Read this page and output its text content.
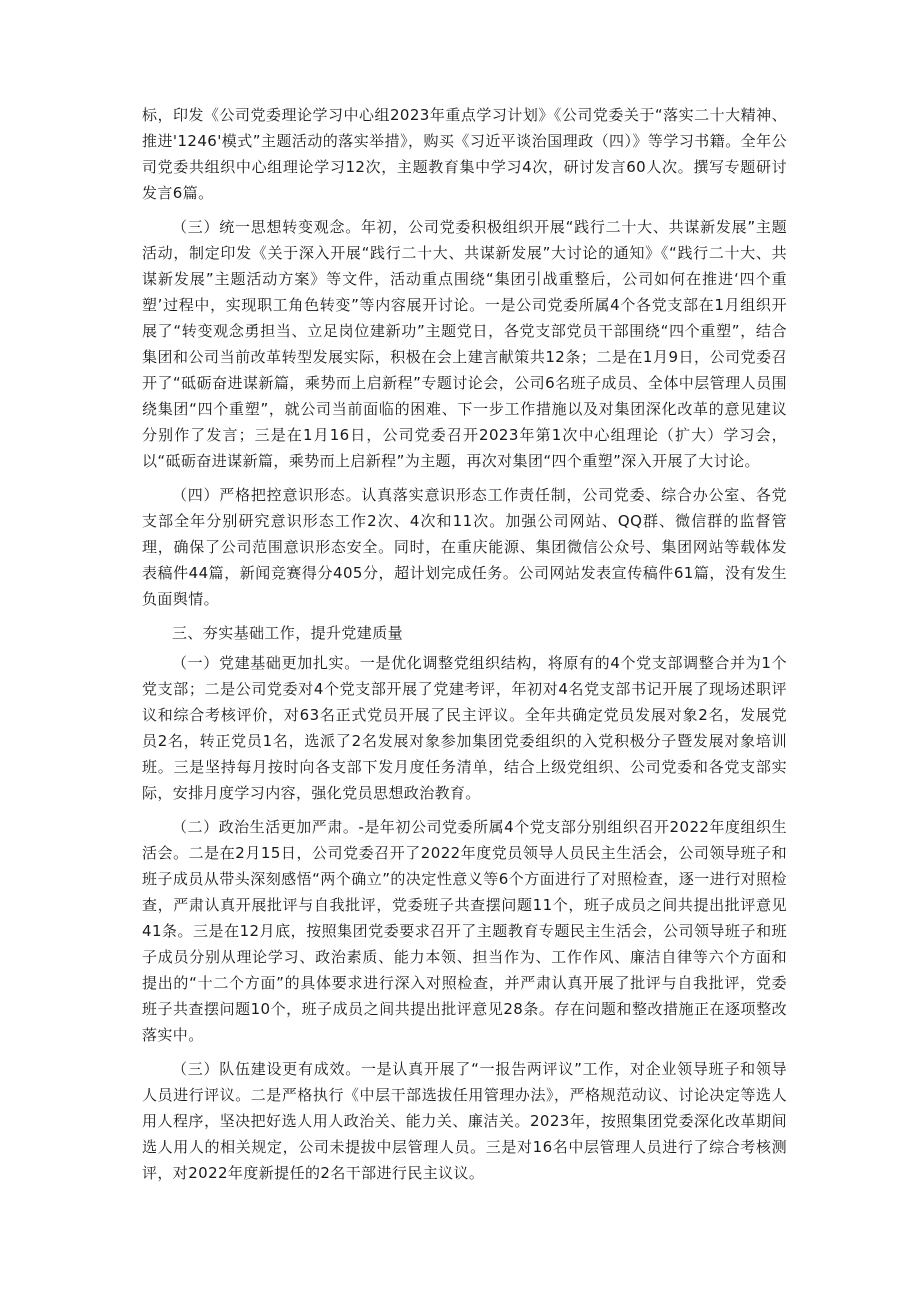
标，印发《公司党委理论学习中心组2023年重点学习计划》《公司党委关于“落实二十大精神、推进'1246'模式”主题活动的落实举措》，购买《习近平谈治国理政（四）》等学习书籍。全年公司党委共组织中心组理论学习12次，主题教育集中学习4次，研讨发言60人次。撰写专题研讨发言6篇。

（三）统一思想转变观念。年初，公司党委积极组织开展“践行二十大、共谋新发展”主题活动，制定印发《关于深入开展“践行二十大、共谋新发展”大讨论的通知》《“践行二十大、共谋新发展”主题活动方案》等文件，活动重点围绕“集团引战重整后，公司如何在推进‘四个重塑’过程中，实现职工角色转变”等内容展开讨论。一是公司党委所属4个各党支部在1月组织开展了“转变观念勇担当、立足岗位建新功”主题党日，各党支部党员干部围绕“四个重塑”，结合集团和公司当前改革转型发展实际，积极在会上建言献策共12条；二是在1月9日，公司党委召开了“砥砺奋进谋新篇，乘势而上启新程”专题讨论会，公司6名班子成员、全体中层管理人员围绕集团“四个重塑”，就公司当前面临的困难、下一步工作措施以及对集团深化改革的意见建议分别作了发言；三是在1月16日，公司党委召开2023年第1次中心组理论（扩大）学习会，以“砥砺奋进谋新篇，乘势而上启新程”为主题，再次对集团“四个重塑”深入开展了大讨论。

（四）严格把控意识形态。认真落实意识形态工作责任制，公司党委、综合办公室、各党支部全年分别研究意识形态工作2次、4次和11次。加强公司网站、QQ群、微信群的监督管理，确保了公司范围意识形态安全。同时，在重庆能源、集团微信公众号、集团网站等载体发表稿件44篇，新闻竞赛得分405分，超计划完成任务。公司网站发表宣传稿件61篇，没有发生负面舆情。

三、夯实基础工作，提升党建质量

（一）党建基础更加扎实。一是优化调整党组织结构，将原有的4个党支部调整合并为1个党支部；二是公司党委对4个党支部开展了党建考评，年初对4名党支部书记开展了现场述职评议和综合考核评价，对63名正式党员开展了民主评议。全年共确定党员发展对象2名，发展党员2名，转正党员1名，选派了2名发展对象参加集团党委组织的入党积极分子暨发展对象培训班。三是坚持每月按时向各支部下发月度任务清单，结合上级党组织、公司党委和各党支部实际，安排月度学习内容，强化党员思想政治教育。

（二）政治生活更加严肃。-是年初公司党委所属4个党支部分别组织召开2022年度组织生活会。二是在2月15日，公司党委召开了2022年度党员领导人员民主生活会，公司领导班子和班子成员从带头深刻感悟“两个确立”的决定性意义等6个方面进行了对照检查，逐一进行对照检查，严肃认真开展批评与自我批评，党委班子共查摆问题11个，班子成员之间共提出批评意见41条。三是在12月底，按照集团党委要求召开了主题教育专题民主生活会，公司领导班子和班子成员分别从理论学习、政治素质、能力本领、担当作为、工作作风、廉洁自律等六个方面和提出的“十二个方面”的具体要求进行深入对照检查，并严肃认真开展了批评与自我批评，党委班子共查摆问题10个，班子成员之间共提出批评意见28条。存在问题和整改措施正在逐项整改落实中。

（三）队伍建设更有成效。一是认真开展了“一报告两评议”工作，对企业领导班子和领导人员进行评议。二是严格执行《中层干部选拔任用管理办法》，严格规范动议、讨论决定等选人用人程序，坚决把好选人用人政治关、能力关、廉洁关。2023年，按照集团党委深化改革期间选人用人的相关规定，公司未提拔中层管理人员。三是对16名中层管理人员进行了综合考核测评，对2022年度新提任的2名干部进行民主议议。
